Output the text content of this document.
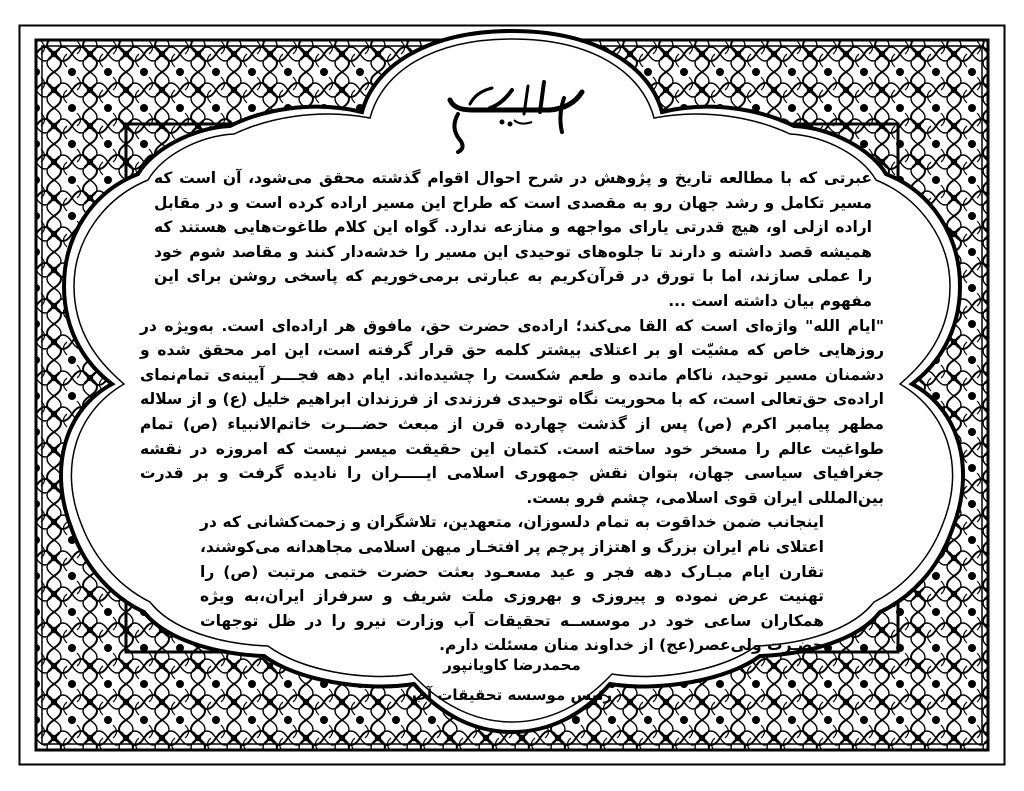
عبرتی که با مطالعه تاریخ و پژوهش در شرح احوال اقوام گذشته محقق می‌شود، آن است که مسیر تکامل و رشد جهان رو به مقصدی است که طراح این مسیر اراده کرده است و در مقابل اراده ازلی او، هیچ قدرتی یارای مواجهه و منازعه ندارد. گواه این کلام طاغوت‌هایی هستند که همیشه قصد داشته و دارند تا جلوه‌های توحیدی این مسیر را خدشه‌دار کنند و مقاصد شوم خود را عملی سازند، اما با تورق در قرآن‌کریم به عبارتی برمی‌خوریم که پاسخی روشن برای این مفهوم بیان داشته است ...

"ایام الله" واژه‌ای است که القا می‌کند؛ اراده‌ی حضرت حق، مافوق هر اراده‌ای است. به‌ویژه در روزهایی خاص که مشیّت او بر اعتلای بیشتر کلمه حق قرار گرفته است، این امر محقق شده و دشمنان مسیر توحید، ناکام مانده و طعم شکست را چشیده‌اند. ایام دهه فجـــر آیینه‌ی تمام‌نمای اراده‌ی حق‌تعالی است، که با محوریت نگاه توحیدی فرزندی از فرزندان ابراهیم خلیل (ع) و از سلاله مطهر پیامبر اکرم (ص) پس از گذشت چهارده قرن از مبعث حضـــرت خاتم‌الانبیاء (ص) تمام طواغیت عالم را مسخر خود ساخته است. کتمان این حقیقت میسر نیست که امروزه در نقشه جغرافیای سیاسی جهان، بتوان نقش جمهوری اسلامی ایـــــران را نادیده گرفت و بر قدرت بین‌المللی ایران قوی اسلامی، چشم فرو بست.

اینجانب ضمن خداقوت به تمام دلسوزان، متعهدین، تلاشگران و زحمت‌کشانی که در اعتلای نام ایران بزرگ و اهتزاز پرچم پر افتخـار میهن اسلامی مجاهدانه می‌کوشند، تقارن ایام مبـارک دهه فجر و عید مسعـود بعثت حضرت ختمی مرتبت (ص) را تهنیت عرض نموده و پیروزی و بهروزی ملت شریف و سرفراز ایران،به ویژه همکاران ساعی خود در موسســه تحقیقات آب وزارت نیرو را در ظل توجهات حضـرت ولی‌عصر(عج) از خداوند منان مسئلت دارم.

محمدرضا کاویانپور
رئیس موسسه تحقیقات آب
